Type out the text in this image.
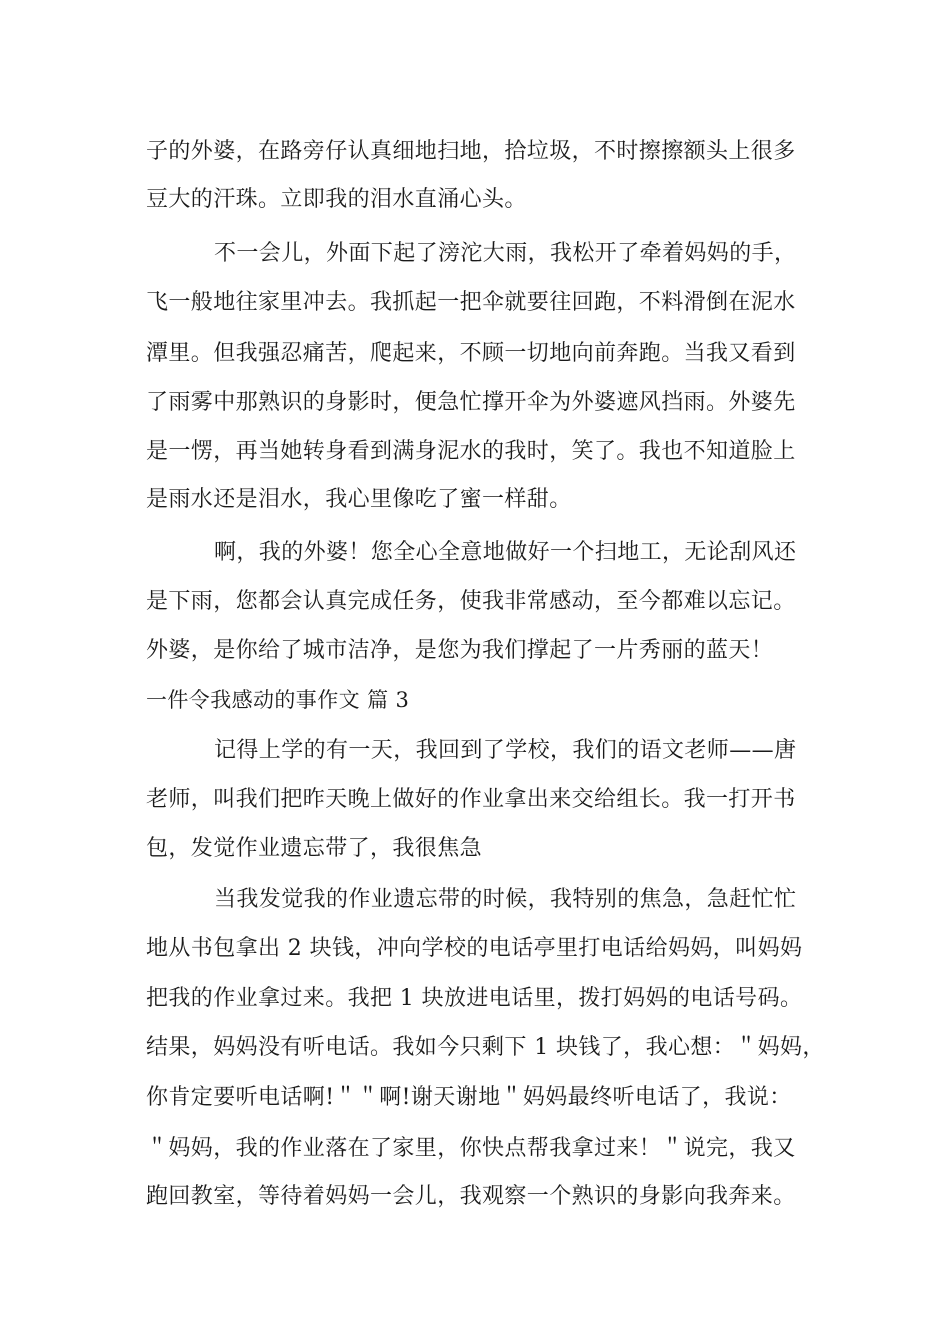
子的外婆，在路旁仔认真细地扫地，拾垃圾，不时擦擦额头上很多
豆大的汗珠。立即我的泪水直涌心头。
不一会儿，外面下起了滂沱大雨，我松开了牵着妈妈的手，
飞一般地往家里冲去。我抓起一把伞就要往回跑，不料滑倒在泥水
潭里。但我强忍痛苦，爬起来，不顾一切地向前奔跑。当我又看到
了雨雾中那熟识的身影时，便急忙撑开伞为外婆遮风挡雨。外婆先
是一愣，再当她转身看到满身泥水的我时，笑了。我也不知道脸上
是雨水还是泪水，我心里像吃了蜜一样甜。
啊，我的外婆！您全心全意地做好一个扫地工，无论刮风还
是下雨，您都会认真完成任务，使我非常感动，至今都难以忘记。
外婆，是你给了城市洁净，是您为我们撑起了一片秀丽的蓝天！
一件令我感动的事作文 篇 3
记得上学的有一天，我回到了学校，我们的语文老师——唐
老师，叫我们把昨天晚上做好的作业拿出来交给组长。我一打开书
包，发觉作业遗忘带了，我很焦急
当我发觉我的作业遗忘带的时候，我特别的焦急，急赶忙忙
地从书包拿出 2 块钱，冲向学校的电话亭里打电话给妈妈，叫妈妈
把我的作业拿过来。我把 1 块放进电话里，拨打妈妈的电话号码。
结果，妈妈没有听电话。我如今只剩下 1 块钱了，我心想：＂妈妈，
你肯定要听电话啊!＂＂啊!谢天谢地＂妈妈最终听电话了，我说：
＂妈妈，我的作业落在了家里，你快点帮我拿过来！＂说完，我又
跑回教室，等待着妈妈一会儿，我观察一个熟识的身影向我奔来。
